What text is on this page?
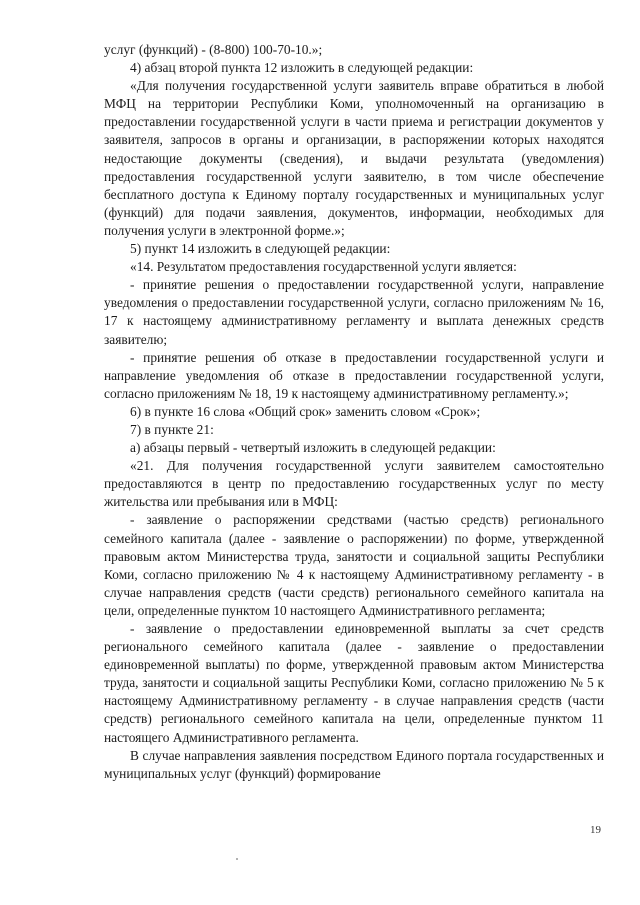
услуг (функций) - (8-800) 100-70-10.»;

4) абзац второй пункта 12 изложить в следующей редакции:

«Для получения государственной услуги заявитель вправе обратиться в любой МФЦ на территории Республики Коми, уполномоченный на организацию в предоставлении государственной услуги в части приема и регистрации документов у заявителя, запросов в органы и организации, в распоряжении которых находятся недостающие документы (сведения), и выдачи результата (уведомления) предоставления государственной услуги заявителю, в том числе обеспечение бесплатного доступа к Единому порталу государственных и муниципальных услуг (функций) для подачи заявления, документов, информации, необходимых для получения услуги в электронной форме.»;

5) пункт 14 изложить в следующей редакции:

«14. Результатом предоставления государственной услуги является:

- принятие решения о предоставлении государственной услуги, направление уведомления о предоставлении государственной услуги, согласно приложениям № 16, 17 к настоящему административному регламенту и выплата денежных средств заявителю;

- принятие решения об отказе в предоставлении государственной услуги и направление уведомления об отказе в предоставлении государственной услуги, согласно приложениям № 18, 19 к настоящему административному регламенту.»;

6) в пункте 16 слова «Общий срок» заменить словом «Срок»;

7) в пункте 21:

а) абзацы первый - четвертый изложить в следующей редакции:

«21. Для получения государственной услуги заявителем самостоятельно предоставляются в центр по предоставлению государственных услуг по месту жительства или пребывания или в МФЦ:

- заявление о распоряжении средствами (частью средств) регионального семейного капитала (далее - заявление о распоряжении) по форме, утвержденной правовым актом Министерства труда, занятости и социальной защиты Республики Коми, согласно приложению № 4 к настоящему Административному регламенту - в случае направления средств (части средств) регионального семейного капитала на цели, определенные пунктом 10 настоящего Административного регламента;

- заявление о предоставлении единовременной выплаты за счет средств регионального семейного капитала (далее - заявление о предоставлении единовременной выплаты) по форме, утвержденной правовым актом Министерства труда, занятости и социальной защиты Республики Коми, согласно приложению № 5 к настоящему Административному регламенту - в случае направления средств (части средств) регионального семейного капитала на цели, определенные пунктом 11 настоящего Административного регламента.

В случае направления заявления посредством Единого портала государственных и муниципальных услуг (функций) формирование

19
